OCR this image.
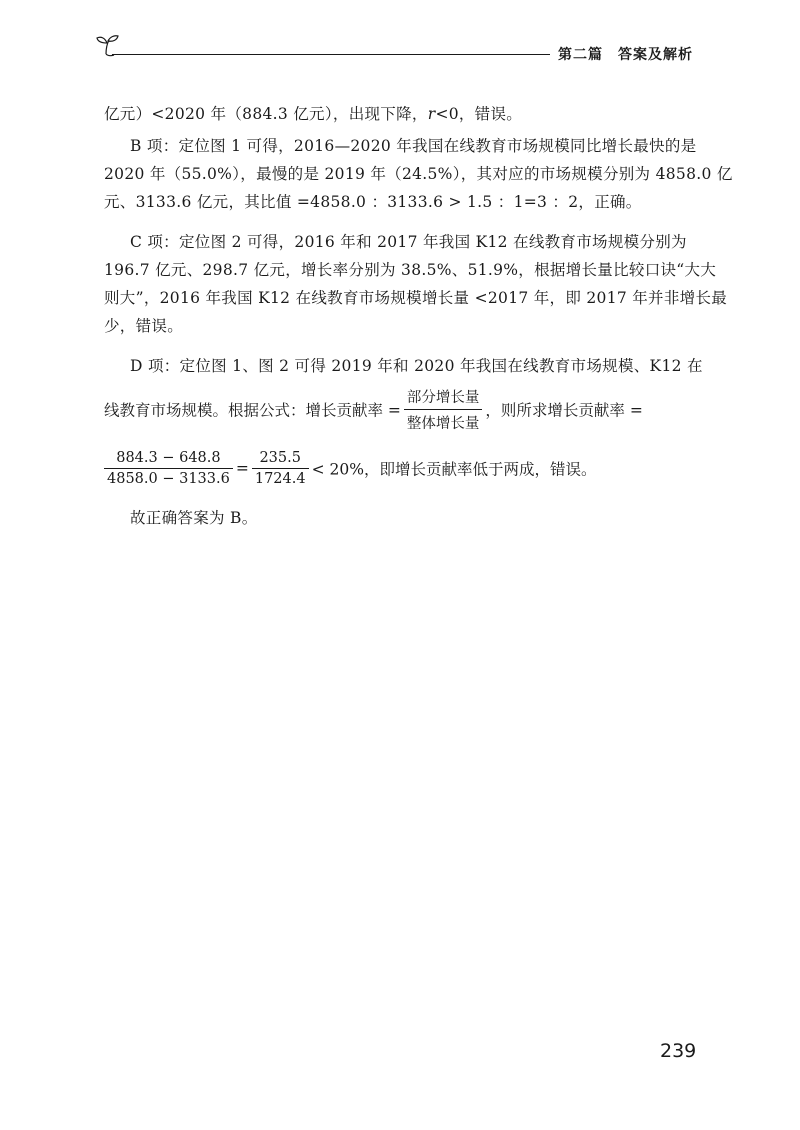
第二篇　答案及解析
亿元）<2020 年（884.3 亿元），出现下降，r<0，错误。
B 项：定位图 1 可得，2016—2020 年我国在线教育市场规模同比增长最快的是
2020 年（55.0%），最慢的是 2019 年（24.5%），其对应的市场规模分别为 4858.0 亿
元、3133.6 亿元，其比值 =4858.0 ：3133.6 > 1.5 ：1=3 ：2，正确。
C 项：定位图 2 可得，2016 年和 2017 年我国 K12 在线教育市场规模分别为
196.7 亿元、298.7 亿元，增长率分别为 38.5%、51.9%，根据增长量比较口诀“大大
则大”，2016 年我国 K12 在线教育市场规模增长量 <2017 年，即 2017 年并非增长最
少，错误。
D 项：定位图 1、图 2 可得 2019 年和 2020 年我国在线教育市场规模、K12 在
线教育市场规模。根据公式：增长贡献率 = $\frac{\text{部分增长量}}{\text{整体增长量}}$ ，则所求增长贡献率 =
$\frac{884.3 - 648.8}{4858.0 - 3133.6} = \frac{235.5}{1724.4} < 20\%$，即增长贡献率低于两成，错误。
故正确答案为 B。
239
